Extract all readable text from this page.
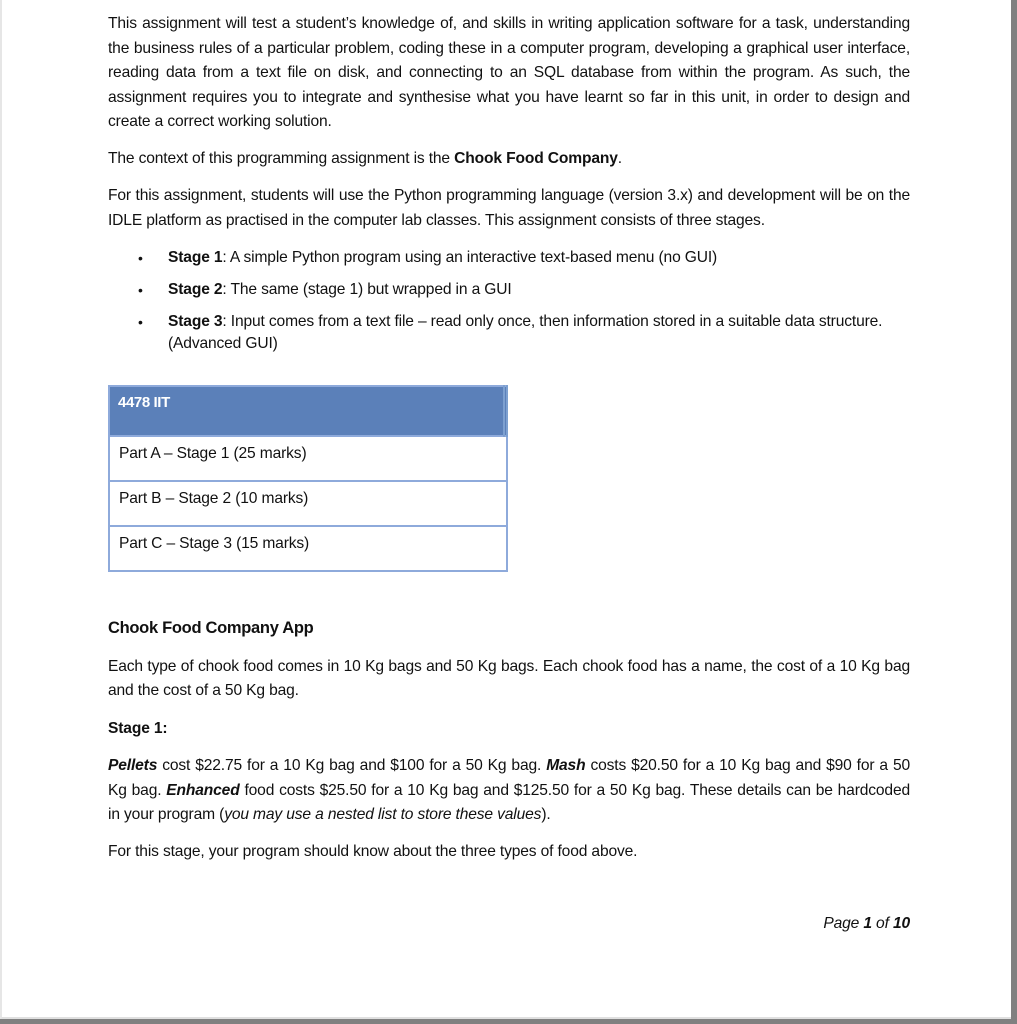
This assignment will test a student’s knowledge of, and skills in writing application software for a task, understanding the business rules of a particular problem, coding these in a computer program, developing a graphical user interface, reading data from a text file on disk, and connecting to an SQL database from within the program. As such, the assignment requires you to integrate and synthesise what you have learnt so far in this unit, in order to design and create a correct working solution.

The context of this programming assignment is the Chook Food Company.

For this assignment, students will use the Python programming language (version 3.x) and development will be on the IDLE platform as practised in the computer lab classes. This assignment consists of three stages.

• Stage 1: A simple Python program using an interactive text-based menu (no GUI)
• Stage 2: The same (stage 1) but wrapped in a GUI
• Stage 3: Input comes from a text file – read only once, then information stored in a suitable data structure. (Advanced GUI)
4478 IIT	
Part A – Stage 1 (25 marks)
Part B – Stage 2 (10 marks)
Part C – Stage 3 (15 marks)
Chook Food Company App

Each type of chook food comes in 10 Kg bags and 50 Kg bags. Each chook food has a name, the cost of a 10 Kg bag and the cost of a 50 Kg bag.

Stage 1:

Pellets cost $22.75 for a 10 Kg bag and $100 for a 50 Kg bag. Mash costs $20.50 for a 10 Kg bag and $90 for a 50 Kg bag. Enhanced food costs $25.50 for a 10 Kg bag and $125.50 for a 50 Kg bag. These details can be hardcoded in your program (you may use a nested list to store these values).

For this stage, your program should know about the three types of food above.

Page 1 of 10
